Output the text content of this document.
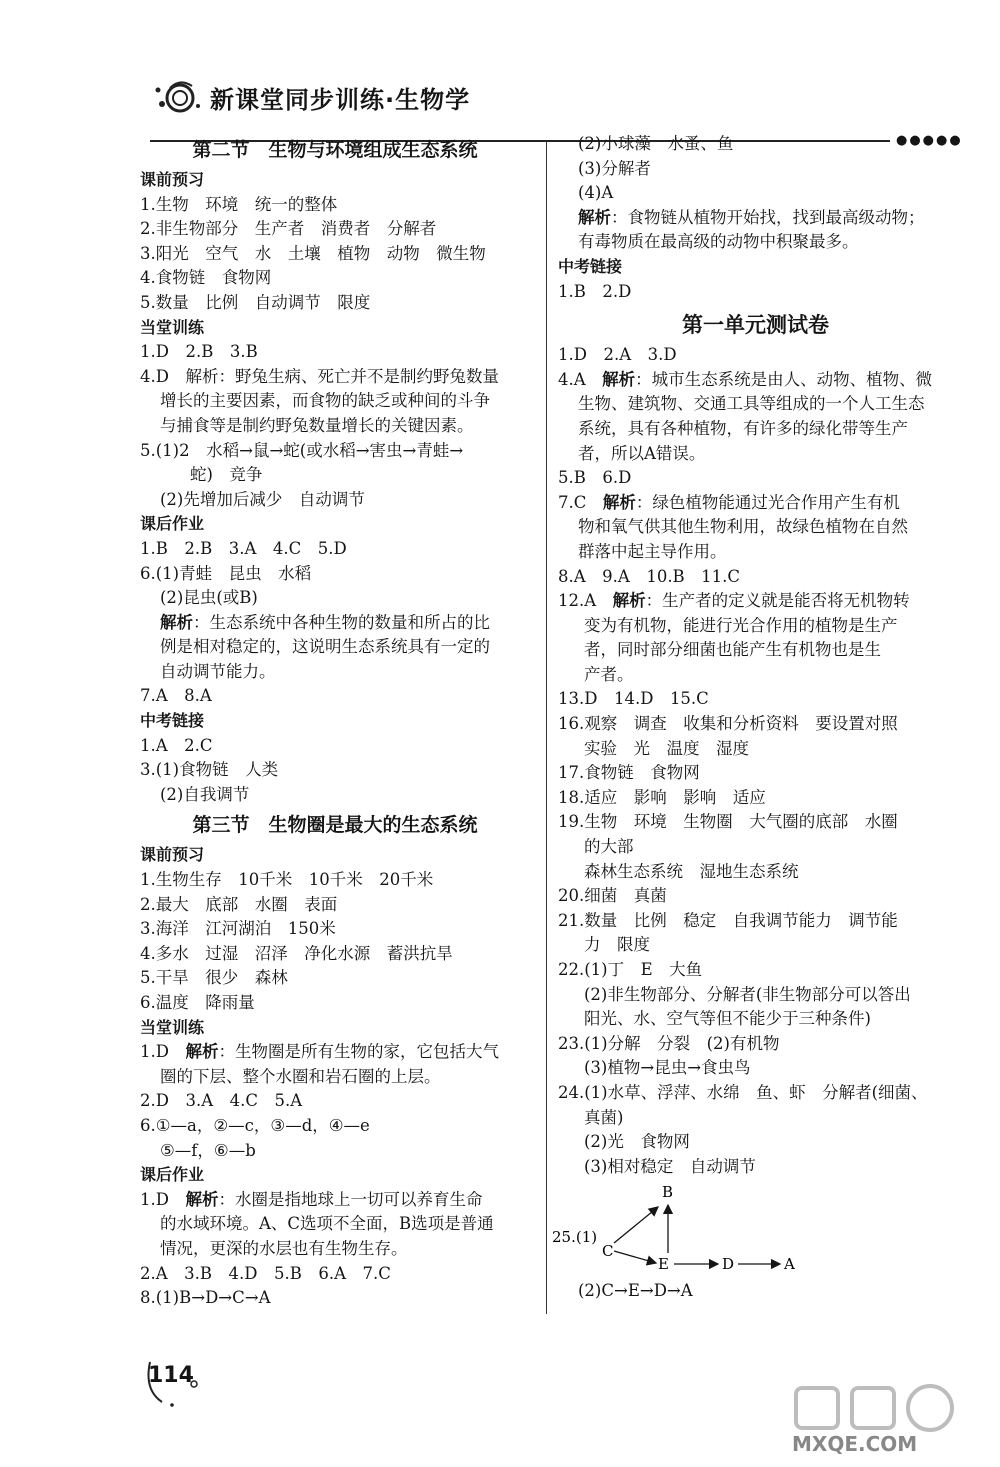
新课堂同步训练·生物学
●●●●●
第二节　生物与环境组成生态系统
课前预习
1.生物　环境　统一的整体
2.非生物部分　生产者　消费者　分解者
3.阳光　空气　水　土壤　植物　动物　微生物
4.食物链　食物网
5.数量　比例　自动调节　限度
当堂训练
1.D　2.B　3.B
4.D　解析：野兔生病、死亡并不是制约野兔数量
增长的主要因素，而食物的缺乏或种间的斗争
与捕食等是制约野兔数量增长的关键因素。
5.(1)2　水稻→鼠→蛇(或水稻→害虫→青蛙→
蛇)　竞争
(2)先增加后减少　自动调节
课后作业
1.B　2.B　3.A　4.C　5.D
6.(1)青蛙　昆虫　水稻
(2)昆虫(或B)
解析：生态系统中各种生物的数量和所占的比
例是相对稳定的，这说明生态系统具有一定的
自动调节能力。
7.A　8.A
中考链接
1.A　2.C
3.(1)食物链　人类
(2)自我调节
第三节　生物圈是最大的生态系统
课前预习
1.生物生存　10千米　10千米　20千米
2.最大　底部　水圈　表面
3.海洋　江河湖泊　150米
4.多水　过湿　沼泽　净化水源　蓄洪抗旱
5.干旱　很少　森林
6.温度　降雨量
当堂训练
1.D　解析：生物圈是所有生物的家，它包括大气
圈的下层、整个水圈和岩石圈的上层。
2.D　3.A　4.C　5.A
6.①—a，②—c，③—d，④—e
⑤—f，⑥—b
课后作业
1.D　解析：水圈是指地球上一切可以养育生命
的水域环境。A、C选项不全面，B选项是普通
情况，更深的水层也有生物生存。
2.A　3.B　4.D　5.B　6.A　7.C
8.(1)B→D→C→A
(2)小球藻　水蚤、鱼
(3)分解者
(4)A
解析：食物链从植物开始找，找到最高级动物；
有毒物质在最高级的动物中积聚最多。
中考链接
1.B　2.D
第一单元测试卷
1.D　2.A　3.D
4.A　解析：城市生态系统是由人、动物、植物、微
生物、建筑物、交通工具等组成的一个人工生态
系统，具有各种植物，有许多的绿化带等生产
者，所以A错误。
5.B　6.D
7.C　解析：绿色植物能通过光合作用产生有机
物和氧气供其他生物利用，故绿色植物在自然
群落中起主导作用。
8.A　9.A　10.B　11.C
12.A　解析：生产者的定义就是能否将无机物转
变为有机物，能进行光合作用的植物是生产
者，同时部分细菌也能产生有机物也是生
产者。
13.D　14.D　15.C
16.观察　调查　收集和分析资料　要设置对照
实验　光　温度　湿度
17.食物链　食物网
18.适应　影响　影响　适应
19.生物　环境　生物圈　大气圈的底部　水圈
的大部
森林生态系统　湿地生态系统
20.细菌　真菌
21.数量　比例　稳定　自我调节能力　调节能
力　限度
22.(1)丁　E　大鱼
(2)非生物部分、分解者(非生物部分可以答出
阳光、水、空气等但不能少于三种条件)
23.(1)分解　分裂　(2)有机物
(3)植物→昆虫→食虫鸟
24.(1)水草、浮萍、水绵　鱼、虾　分解者(细菌、
真菌)
(2)光　食物网
(3)相对稳定　自动调节
25.(1)
C
B
E	D	A
(2)C→E→D→A
114
MXQE.COM
